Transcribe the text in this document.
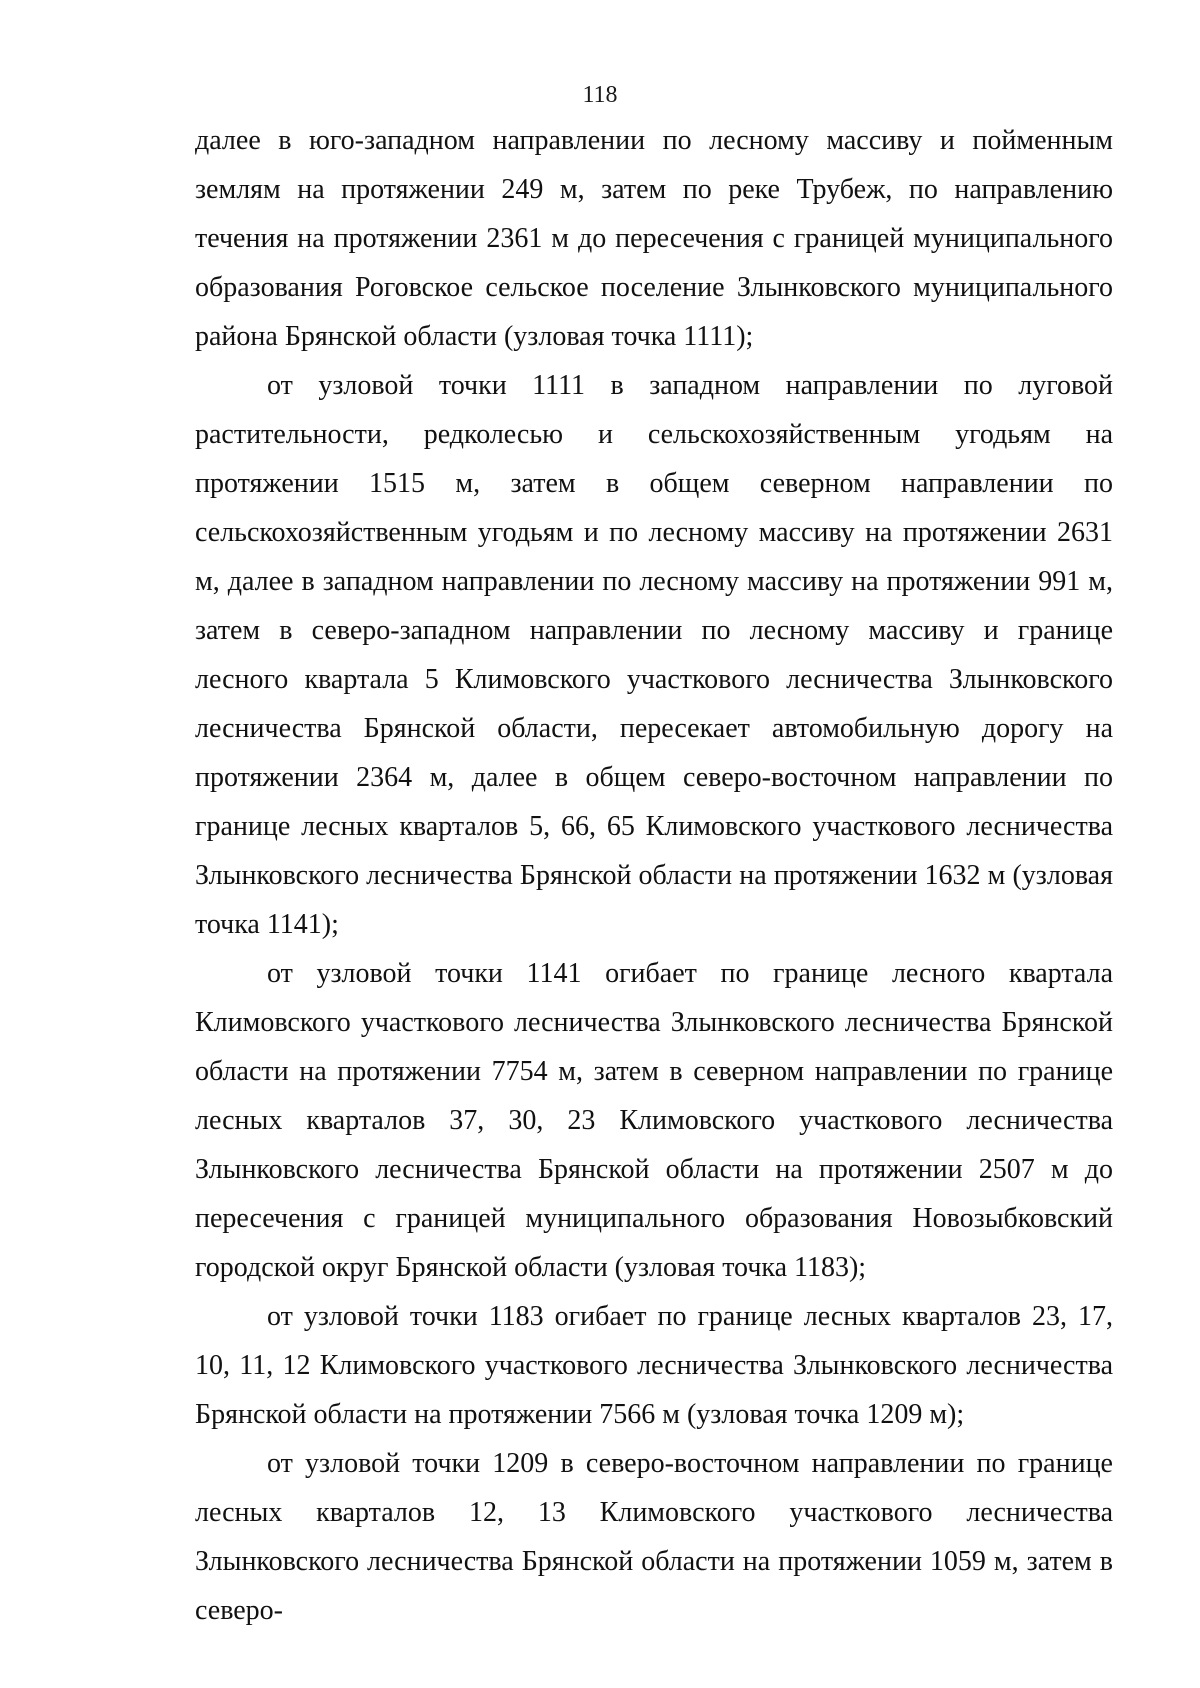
118

далее в юго-западном направлении по лесному массиву и пойменным землям на протяжении 249 м, затем по реке Трубеж, по направлению течения на протяжении 2361 м до пересечения с границей муниципального образования Роговское сельское поселение Злынковского муниципального района Брянской области (узловая точка 1111);

от узловой точки 1111 в западном направлении по луговой растительности, редколесью и сельскохозяйственным угодьям на протяжении 1515 м, затем в общем северном направлении по сельскохозяйственным угодьям и по лесному массиву на протяжении 2631 м, далее в западном направлении по лесному массиву на протяжении 991 м, затем в северо-западном направлении по лесному массиву и границе лесного квартала 5 Климовского участкового лесничества Злынковского лесничества Брянской области, пересекает автомобильную дорогу на протяжении 2364 м, далее в общем северо-восточном направлении по границе лесных кварталов 5, 66, 65 Климовского участкового лесничества Злынковского лесничества Брянской области на протяжении 1632 м (узловая точка 1141);

от узловой точки 1141 огибает по границе лесного квартала Климовского участкового лесничества Злынковского лесничества Брянской области на протяжении 7754 м, затем в северном направлении по границе лесных кварталов 37, 30, 23 Климовского участкового лесничества Злынковского лесничества Брянской области на протяжении 2507 м до пересечения с границей муниципального образования Новозыбковский городской округ Брянской области (узловая точка 1183);

от узловой точки 1183 огибает по границе лесных кварталов 23, 17, 10, 11, 12 Климовского участкового лесничества Злынковского лесничества Брянской области на протяжении 7566 м (узловая точка 1209 м);

от узловой точки 1209 в северо-восточном направлении по границе лесных кварталов 12, 13 Климовского участкового лесничества Злынковского лесничества Брянской области на протяжении 1059 м, затем в северо-
